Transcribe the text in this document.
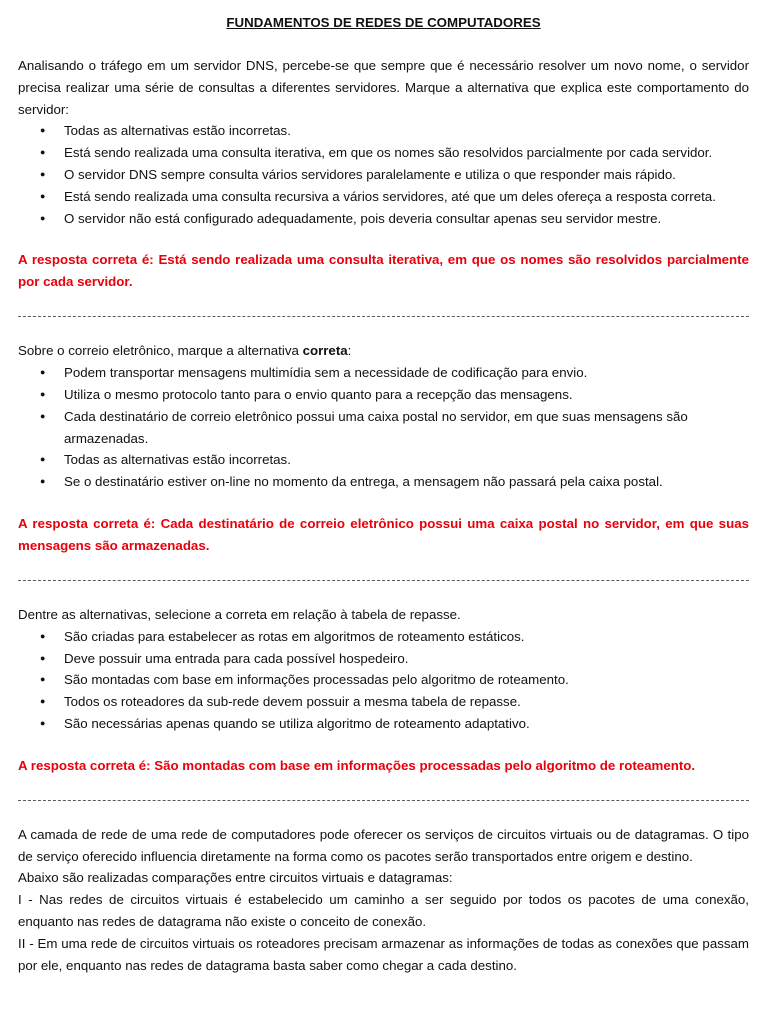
FUNDAMENTOS DE REDES DE COMPUTADORES

Analisando o tráfego em um servidor DNS, percebe-se que sempre que é necessário resolver um novo nome, o servidor precisa realizar uma série de consultas a diferentes servidores. Marque a alternativa que explica este comportamento do servidor:

● Todas as alternativas estão incorretas.
● Está sendo realizada uma consulta iterativa, em que os nomes são resolvidos parcialmente por cada servidor.
● O servidor DNS sempre consulta vários servidores paralelamente e utiliza o que responder mais rápido.
● Está sendo realizada uma consulta recursiva a vários servidores, até que um deles ofereça a resposta correta.
● O servidor não está configurado adequadamente, pois deveria consultar apenas seu servidor mestre.

A resposta correta é: Está sendo realizada uma consulta iterativa, em que os nomes são resolvidos parcialmente por cada servidor.

Sobre o correio eletrônico, marque a alternativa correta:

● Podem transportar mensagens multimídia sem a necessidade de codificação para envio.
● Utiliza o mesmo protocolo tanto para o envio quanto para a recepção das mensagens.
● Cada destinatário de correio eletrônico possui uma caixa postal no servidor, em que suas mensagens são armazenadas.
● Todas as alternativas estão incorretas.
● Se o destinatário estiver on-line no momento da entrega, a mensagem não passará pela caixa postal.

A resposta correta é: Cada destinatário de correio eletrônico possui uma caixa postal no servidor, em que suas mensagens são armazenadas.

Dentre as alternativas, selecione a correta em relação à tabela de repasse.

● São criadas para estabelecer as rotas em algoritmos de roteamento estáticos.
● Deve possuir uma entrada para cada possível hospedeiro.
● São montadas com base em informações processadas pelo algoritmo de roteamento.
● Todos os roteadores da sub-rede devem possuir a mesma tabela de repasse.
● São necessárias apenas quando se utiliza algoritmo de roteamento adaptativo.

A resposta correta é: São montadas com base em informações processadas pelo algoritmo de roteamento.

A camada de rede de uma rede de computadores pode oferecer os serviços de circuitos virtuais ou de datagramas. O tipo de serviço oferecido influencia diretamente na forma como os pacotes serão transportados entre origem e destino.

Abaixo são realizadas comparações entre circuitos virtuais e datagramas:

I - Nas redes de circuitos virtuais é estabelecido um caminho a ser seguido por todos os pacotes de uma conexão, enquanto nas redes de datagrama não existe o conceito de conexão.

II - Em uma rede de circuitos virtuais os roteadores precisam armazenar as informações de todas as conexões que passam por ele, enquanto nas redes de datagrama basta saber como chegar a cada destino.
